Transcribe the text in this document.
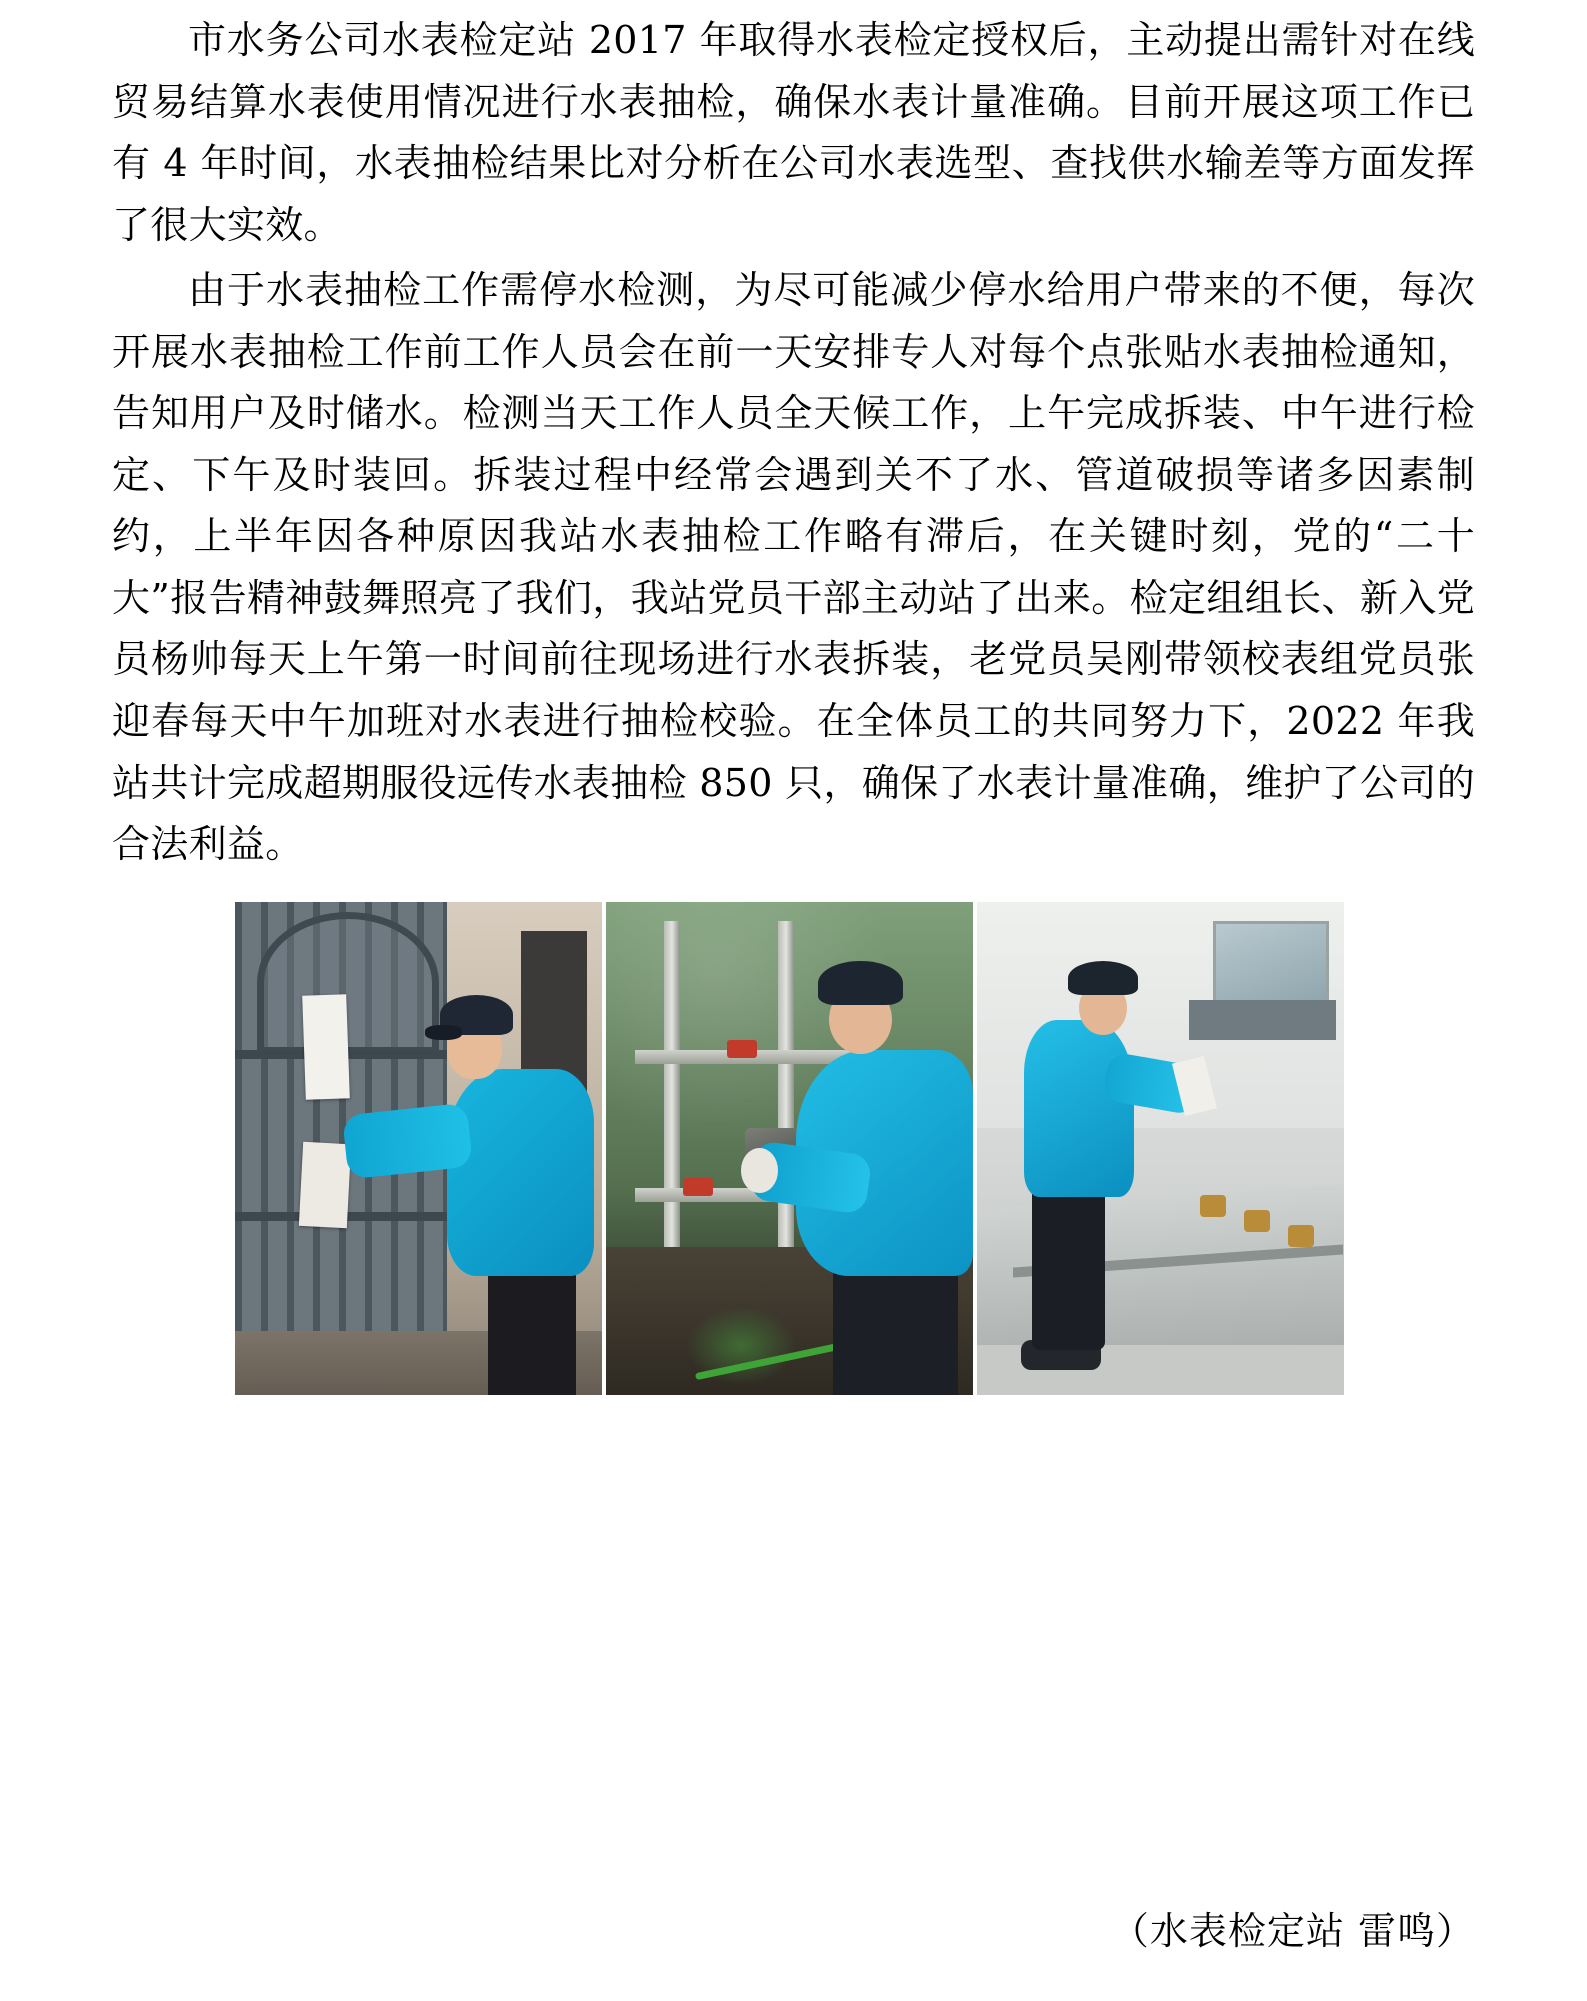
市水务公司水表检定站 2017 年取得水表检定授权后，主动提出需针对在线贸易结算水表使用情况进行水表抽检，确保水表计量准确。目前开展这项工作已有 4 年时间，水表抽检结果比对分析在公司水表选型、查找供水输差等方面发挥了很大实效。

由于水表抽检工作需停水检测，为尽可能减少停水给用户带来的不便，每次开展水表抽检工作前工作人员会在前一天安排专人对每个点张贴水表抽检通知，告知用户及时储水。检测当天工作人员全天候工作，上午完成拆装、中午进行检定、下午及时装回。拆装过程中经常会遇到关不了水、管道破损等诸多因素制约，上半年因各种原因我站水表抽检工作略有滞后，在关键时刻，党的“二十大”报告精神鼓舞照亮了我们，我站党员干部主动站了出来。检定组组长、新入党员杨帅每天上午第一时间前往现场进行水表拆装，老党员吴刚带领校表组党员张迎春每天中午加班对水表进行抽检校验。在全体员工的共同努力下，2022 年我站共计完成超期服役远传水表抽检 850 只，确保了水表计量准确，维护了公司的合法利益。

（水表检定站 雷鸣）
